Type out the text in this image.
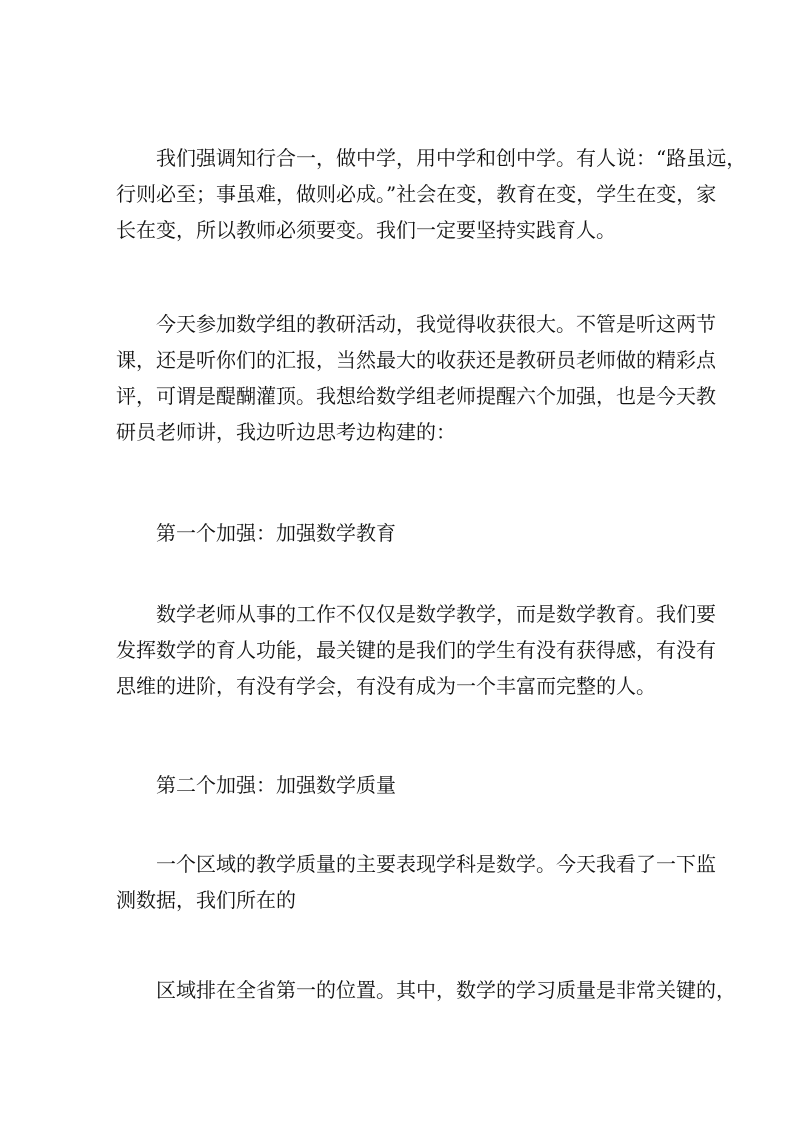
我们强调知行合一，做中学，用中学和创中学。有人说：“路虽远，
行则必至；事虽难，做则必成。”社会在变，教育在变，学生在变，家
长在变，所以教师必须要变。我们一定要坚持实践育人。
今天参加数学组的教研活动，我觉得收获很大。不管是听这两节
课，还是听你们的汇报，当然最大的收获还是教研员老师做的精彩点
评，可谓是醍醐灌顶。我想给数学组老师提醒六个加强，也是今天教
研员老师讲，我边听边思考边构建的：
第一个加强：加强数学教育
数学老师从事的工作不仅仅是数学教学，而是数学教育。我们要
发挥数学的育人功能，最关键的是我们的学生有没有获得感，有没有
思维的进阶，有没有学会，有没有成为一个丰富而完整的人。
第二个加强：加强数学质量
一个区域的教学质量的主要表现学科是数学。今天我看了一下监
测数据，我们所在的
区域排在全省第一的位置。其中，数学的学习质量是非常关键的，
